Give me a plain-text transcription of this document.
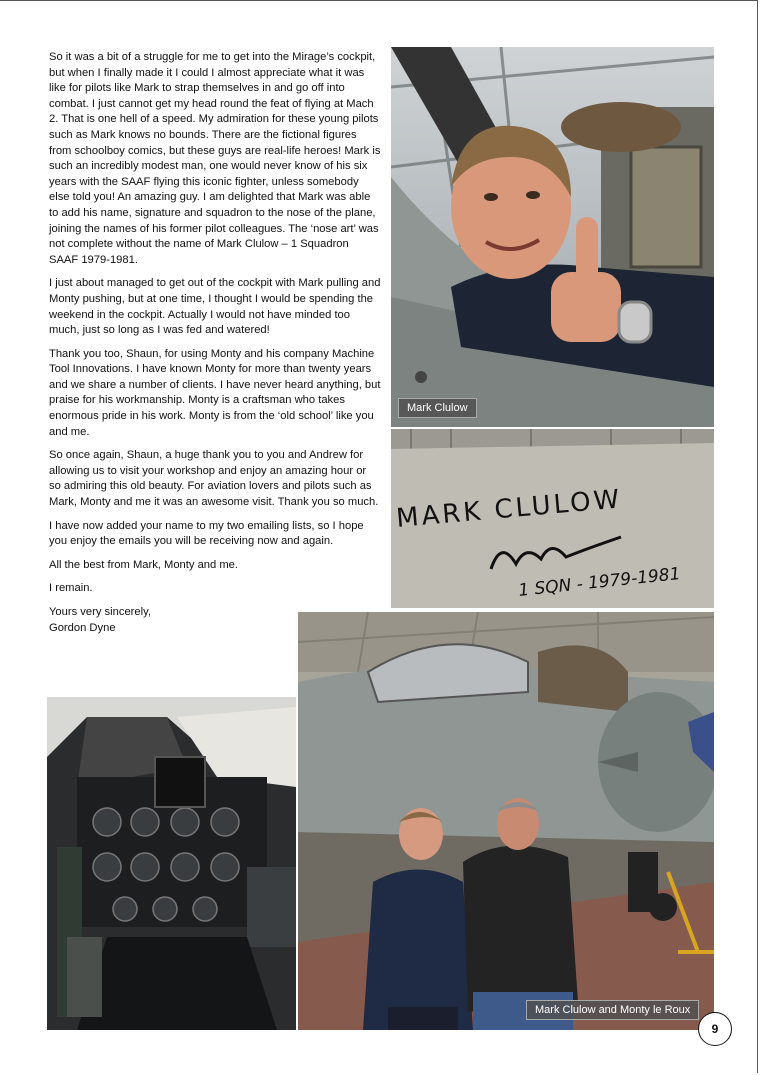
So it was a bit of a struggle for me to get into the Mirage’s cockpit, but when I finally made it I could I almost appreciate what it was like for pilots like Mark to strap themselves in and go off into combat. I just cannot get my head round the feat of flying at Mach 2. That is one hell of a speed. My admiration for these young pilots such as Mark knows no bounds. There are the fictional figures from schoolboy comics, but these guys are real-life heroes! Mark is such an incredibly modest man, one would never know of his six years with the SAAF flying this iconic fighter, unless somebody else told you! An amazing guy. I am delighted that Mark was able to add his name, signature and squadron to the nose of the plane, joining the names of his former pilot colleagues. The ‘nose art’ was not complete without the name of Mark Clulow – 1 Squadron SAAF 1979-1981.

I just about managed to get out of the cockpit with Mark pulling and Monty pushing, but at one time, I thought I would be spending the weekend in the cockpit. Actually I would not have minded too much, just so long as I was fed and watered!

Thank you too, Shaun, for using Monty and his company Machine Tool Innovations. I have known Monty for more than twenty years and we share a number of clients. I have never heard anything, but praise for his workmanship. Monty is a craftsman who takes enormous pride in his work. Monty is from the ‘old school’ like you and me.

So once again, Shaun, a huge thank you to you and Andrew for allowing us to visit your workshop and enjoy an amazing hour or so admiring this old beauty. For aviation lovers and pilots such as Mark, Monty and me it was an awesome visit. Thank you so much.

I have now added your name to my two emailing lists, so I hope you enjoy the emails you will be receiving now and again.

All the best from Mark, Monty and me.

I remain.

Yours very sincerely,
Gordon Dyne

Mark Clulow
MARK CLULOW
1 SQN - 1979-1981
Mark Clulow and Monty le Roux
9
